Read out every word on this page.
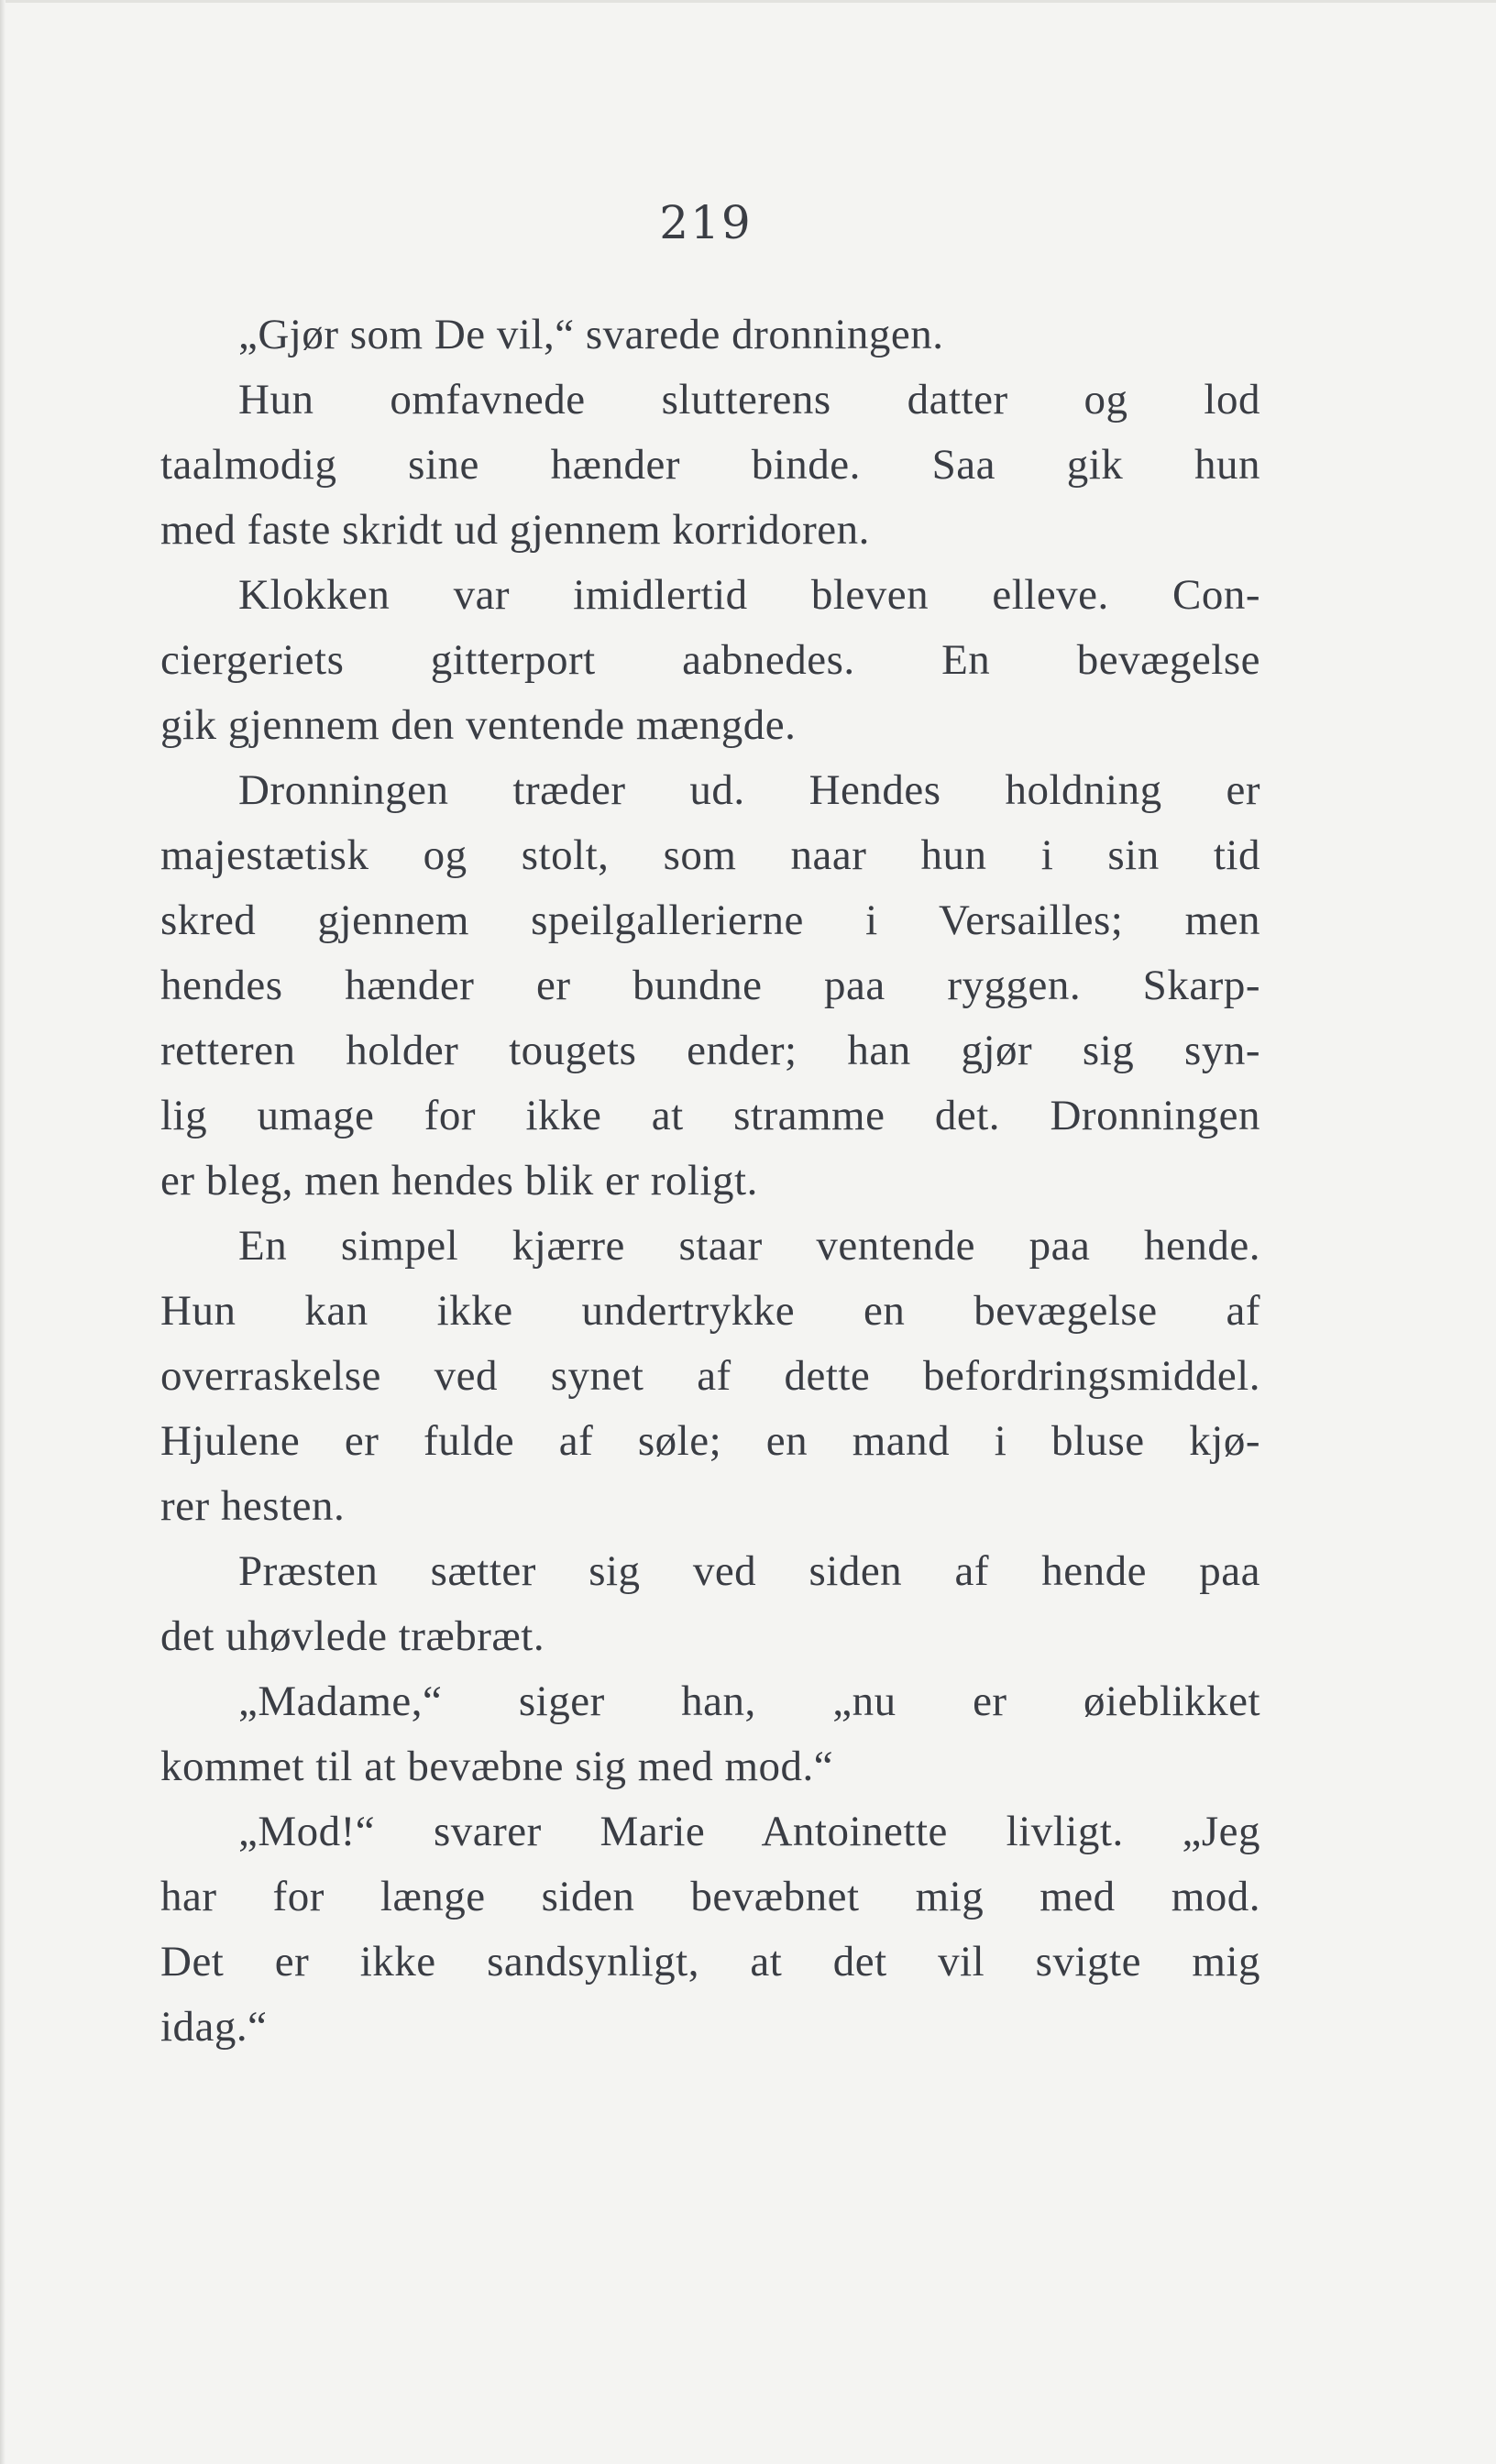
219
„Gjør som De vil,“ svarede dronningen.
Hun omfavnede slutterens datter og lod
taalmodig sine hænder binde. Saa gik hun
med faste skridt ud gjennem korridoren.
Klokken var imidlertid bleven elleve. Con-
ciergeriets gitterport aabnedes. En bevægelse
gik gjennem den ventende mængde.
Dronningen træder ud. Hendes holdning er
majestætisk og stolt, som naar hun i sin tid
skred gjennem speilgallerierne i Versailles; men
hendes hænder er bundne paa ryggen. Skarp-
retteren holder tougets ender; han gjør sig syn-
lig umage for ikke at stramme det. Dronningen
er bleg, men hendes blik er roligt.
En simpel kjærre staar ventende paa hende.
Hun kan ikke undertrykke en bevægelse af
overraskelse ved synet af dette befordringsmiddel.
Hjulene er fulde af søle; en mand i bluse kjø-
rer hesten.
Præsten sætter sig ved siden af hende paa
det uhøvlede træbræt.
„Madame,“ siger han, „nu er øieblikket
kommet til at bevæbne sig med mod.“
„Mod!“ svarer Marie Antoinette livligt. „Jeg
har for længe siden bevæbnet mig med mod.
Det er ikke sandsynligt, at det vil svigte mig
idag.“
